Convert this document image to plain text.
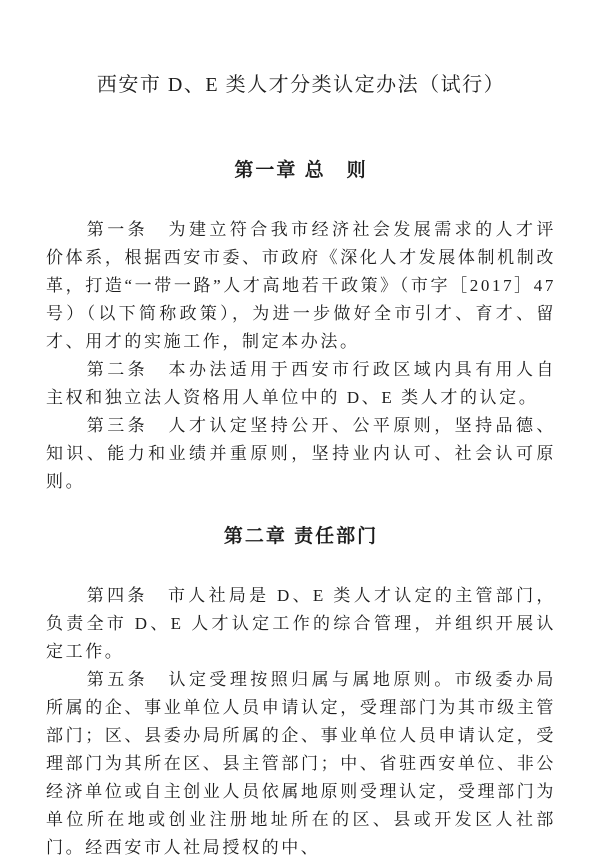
西安市 D、E 类人才分类认定办法（试行）
第一章 总　则

第一条　为建立符合我市经济社会发展需求的人才评价体系，根据西安市委、市政府《深化人才发展体制机制改革，打造“一带一路”人才高地若干政策》（市字［2017］47 号）（以下简称政策），为进一步做好全市引才、育才、留才、用才的实施工作，制定本办法。

第二条　本办法适用于西安市行政区域内具有用人自主权和独立法人资格用人单位中的 D、E 类人才的认定。

第三条　人才认定坚持公开、公平原则，坚持品德、知识、能力和业绩并重原则，坚持业内认可、社会认可原则。

第二章 责任部门

第四条　市人社局是 D、E 类人才认定的主管部门，负责全市 D、E 人才认定工作的综合管理，并组织开展认定工作。

第五条　认定受理按照归属与属地原则。市级委办局所属的企、事业单位人员申请认定，受理部门为其市级主管部门；区、县委办局所属的企、事业单位人员申请认定，受理部门为其所在区、县主管部门；中、省驻西安单位、非公经济单位或自主创业人员依属地原则受理认定，受理部门为单位所在地或创业注册地址所在的区、县或开发区人社部门。经西安市人社局授权的中、
